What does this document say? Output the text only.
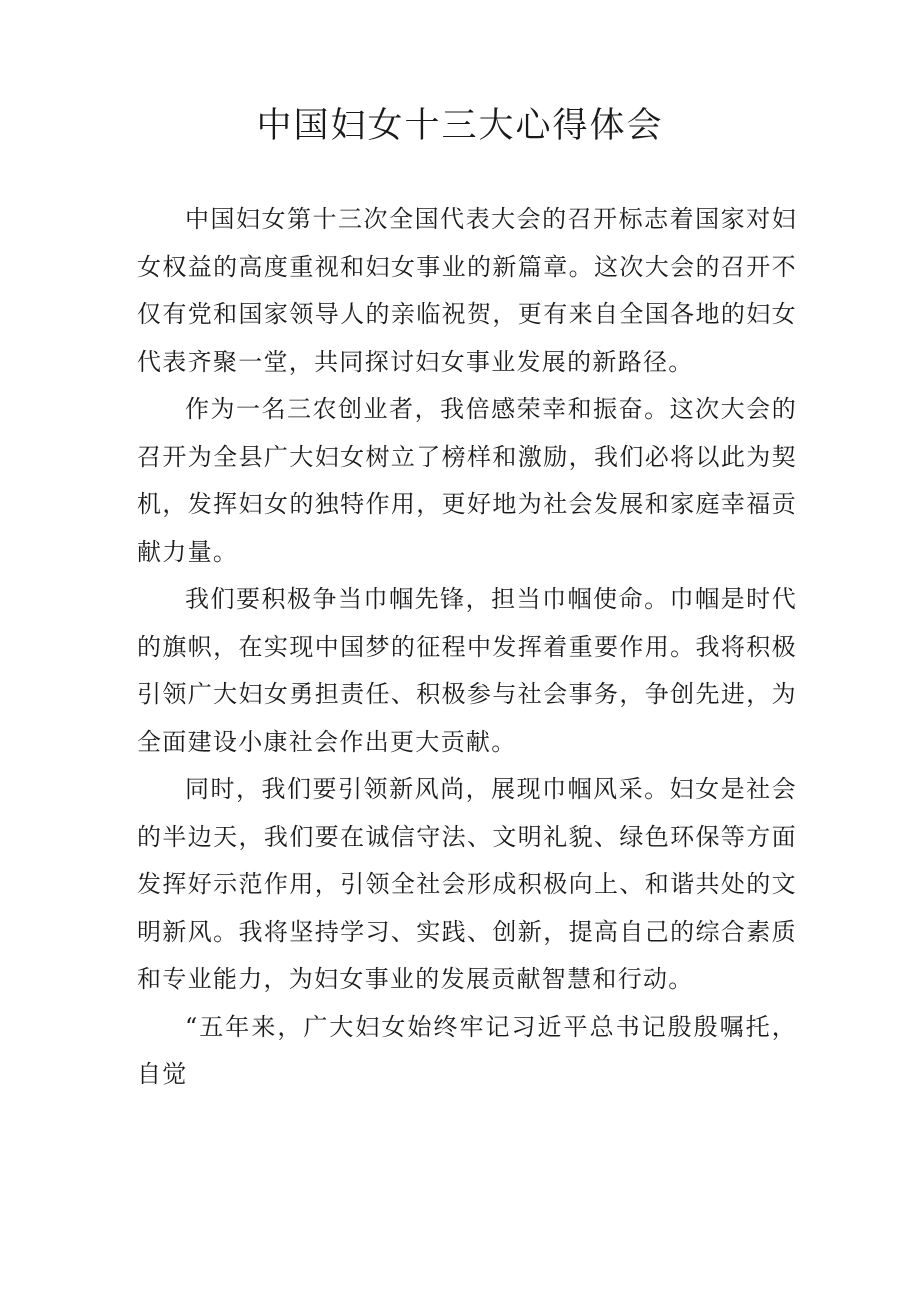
中国妇女十三大心得体会

中国妇女第十三次全国代表大会的召开标志着国家对妇女权益的高度重视和妇女事业的新篇章。这次大会的召开不仅有党和国家领导人的亲临祝贺，更有来自全国各地的妇女代表齐聚一堂，共同探讨妇女事业发展的新路径。

作为一名三农创业者，我倍感荣幸和振奋。这次大会的召开为全县广大妇女树立了榜样和激励，我们必将以此为契机，发挥妇女的独特作用，更好地为社会发展和家庭幸福贡献力量。

我们要积极争当巾帼先锋，担当巾帼使命。巾帼是时代的旗帜，在实现中国梦的征程中发挥着重要作用。我将积极引领广大妇女勇担责任、积极参与社会事务，争创先进，为全面建设小康社会作出更大贡献。

同时，我们要引领新风尚，展现巾帼风采。妇女是社会的半边天，我们要在诚信守法、文明礼貌、绿色环保等方面发挥好示范作用，引领全社会形成积极向上、和谐共处的文明新风。我将坚持学习、实践、创新，提高自己的综合素质和专业能力，为妇女事业的发展贡献智慧和行动。

“五年来，广大妇女始终牢记习近平总书记殷殷嘱托，自觉
